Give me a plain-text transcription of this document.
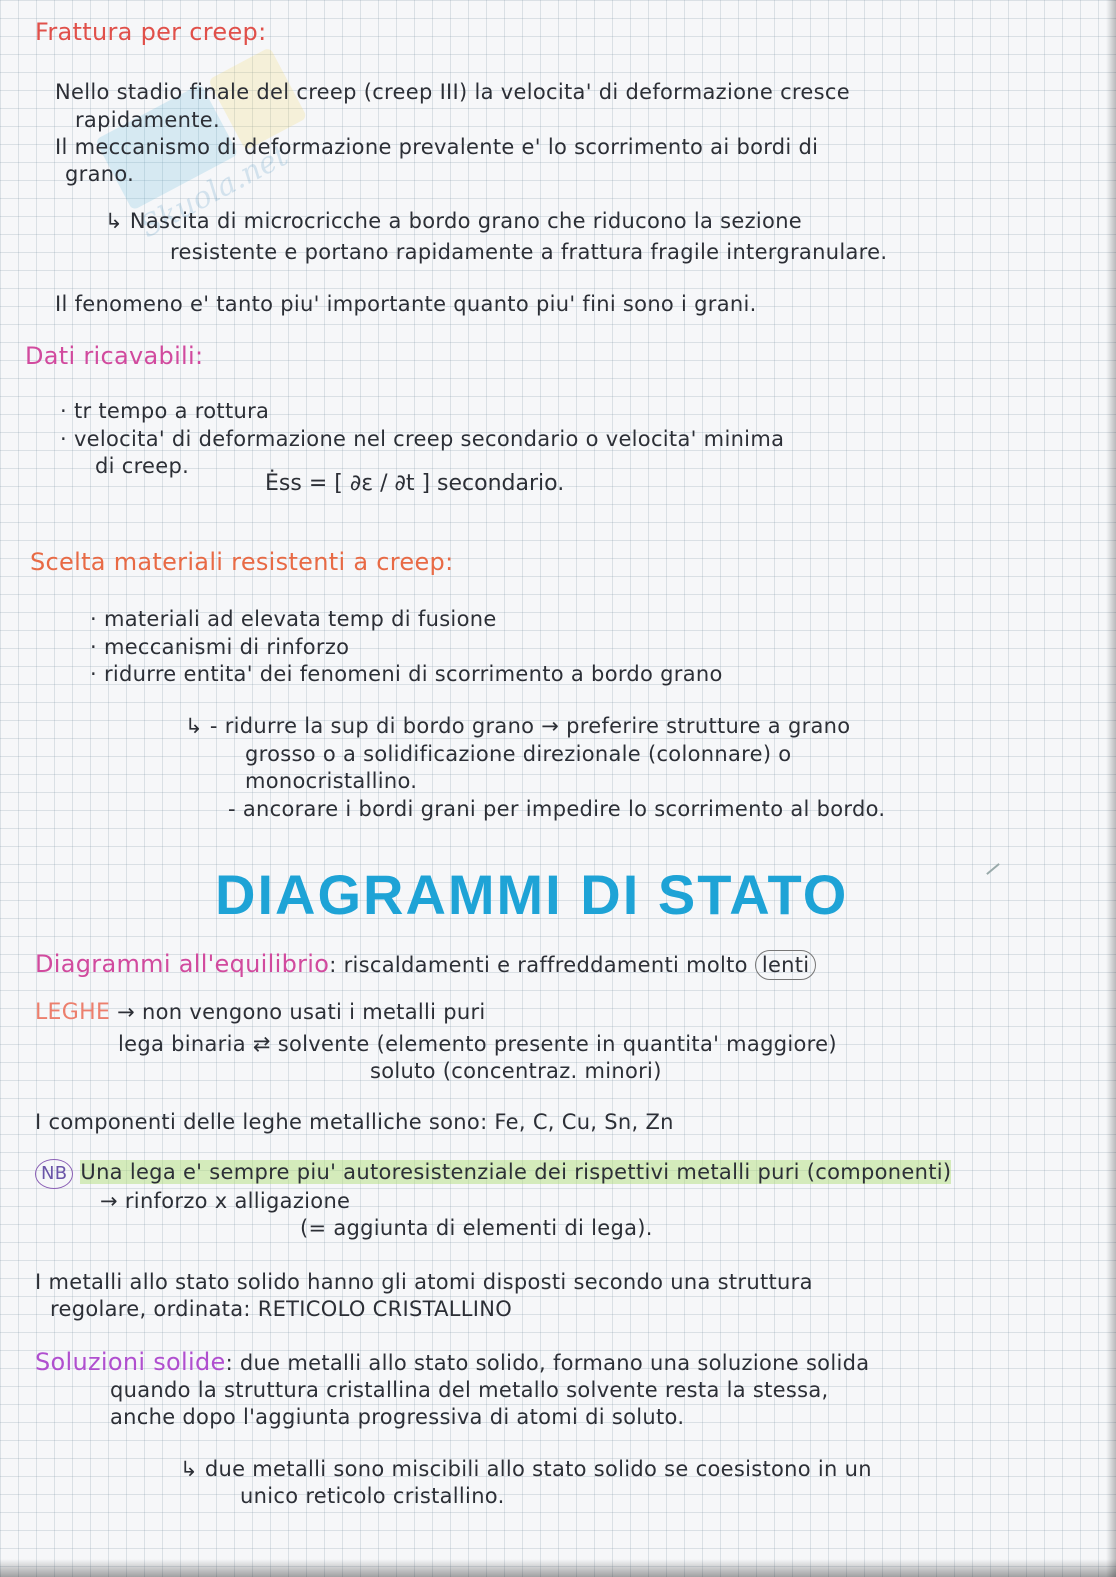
Skuola.net
Frattura per creep:
Nello stadio finale del creep (creep III) la velocita' di deformazione cresce
rapidamente.
Il meccanismo di deformazione prevalente e' lo scorrimento ai bordi di
grano.
↳ Nascita di microcricche a bordo grano che riducono la sezione
resistente e portano rapidamente a frattura fragile intergranulare.
Il fenomeno e' tanto piu' importante quanto piu' fini sono i grani.
Dati ricavabili:
· tr tempo a rottura
· velocita' di deformazione nel creep secondario o velocita' minima
di creep.
Ėss = [ ∂ε / ∂t ] secondario.
Scelta materiali resistenti a creep:
· materiali ad elevata temp di fusione
· meccanismi di rinforzo
· ridurre entita' dei fenomeni di scorrimento a bordo grano
↳ - ridurre la sup di bordo grano → preferire strutture a grano
grosso o a solidificazione direzionale (colonnare) o
monocristallino.
- ancorare i bordi grani per impedire lo scorrimento al bordo.
DIAGRAMMI DI STATO
Diagrammi all'equilibrio: riscaldamenti e raffreddamenti molto lenti
LEGHE → non vengono usati i metalli puri
lega binaria ⇄ solvente (elemento presente in quantita' maggiore)
soluto (concentraz. minori)
I componenti delle leghe metalliche sono: Fe, C, Cu, Sn, Zn
NB Una lega e' sempre piu' autoresistenziale dei rispettivi metalli puri (componenti)
→ rinforzo x alligazione
(= aggiunta di elementi di lega).
I metalli allo stato solido hanno gli atomi disposti secondo una struttura
regolare, ordinata: RETICOLO CRISTALLINO
Soluzioni solide: due metalli allo stato solido, formano una soluzione solida
quando la struttura cristallina del metallo solvente resta la stessa,
anche dopo l'aggiunta progressiva di atomi di soluto.
↳ due metalli sono miscibili allo stato solido se coesistono in un
unico reticolo cristallino.
